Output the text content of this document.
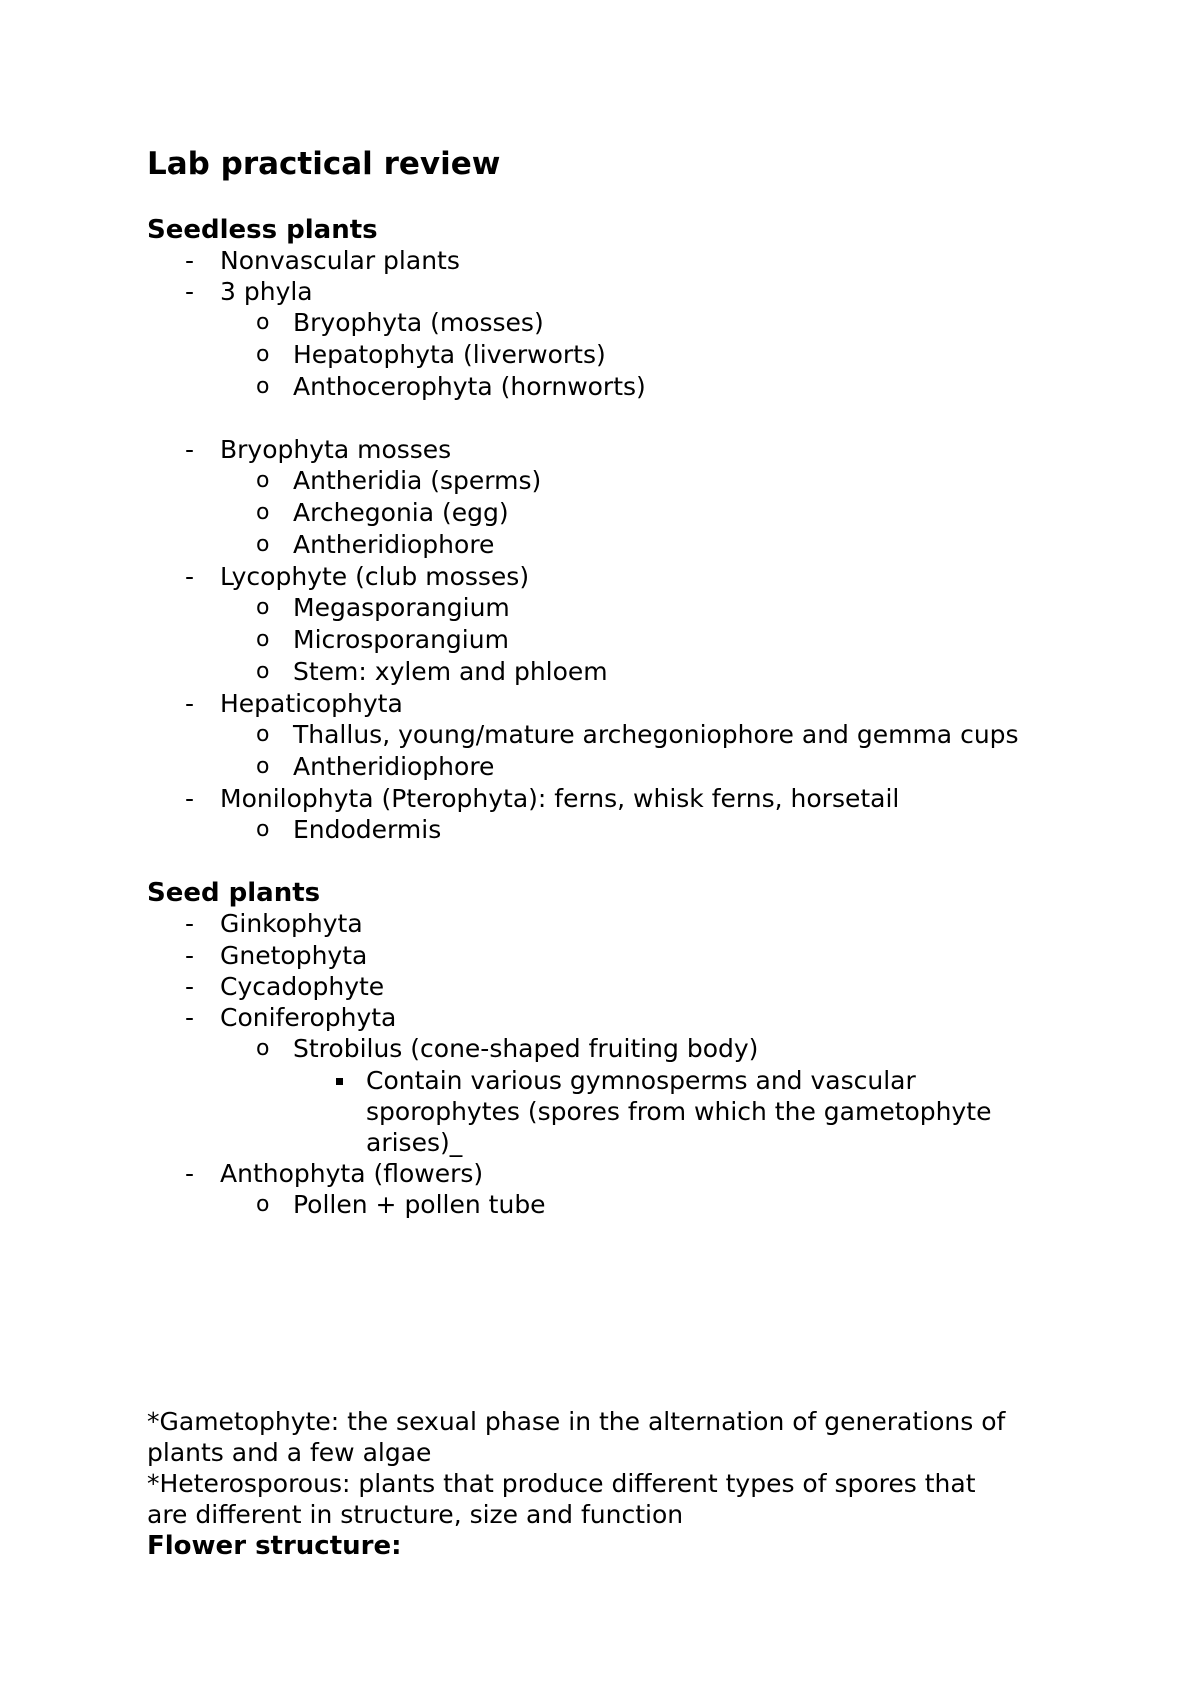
Lab practical review
Seedless plants
- Nonvascular plants
- 3 phyla
o Bryophyta (mosses)
o Hepatophyta (liverworts)
o Anthocerophyta (hornworts)
- Bryophyta mosses
o Antheridia (sperms)
o Archegonia (egg)
o Antheridiophore
- Lycophyte (club mosses)
o Megasporangium
o Microsporangium
o Stem: xylem and phloem
- Hepaticophyta
o Thallus, young/mature archegoniophore and gemma cups
o Antheridiophore
- Monilophyta (Pterophyta): ferns, whisk ferns, horsetail
o Endodermis
Seed plants
- Ginkophyta
- Gnetophyta
- Cycadophyte
- Coniferophyta
o Strobilus (cone-shaped fruiting body)
Contain various gymnosperms and vascular
sporophytes (spores from which the gametophyte
arises)_
- Anthophyta (flowers)
o Pollen + pollen tube
*Gametophyte: the sexual phase in the alternation of generations of
plants and a few algae
*Heterosporous: plants that produce different types of spores that
are different in structure, size and function
Flower structure:
